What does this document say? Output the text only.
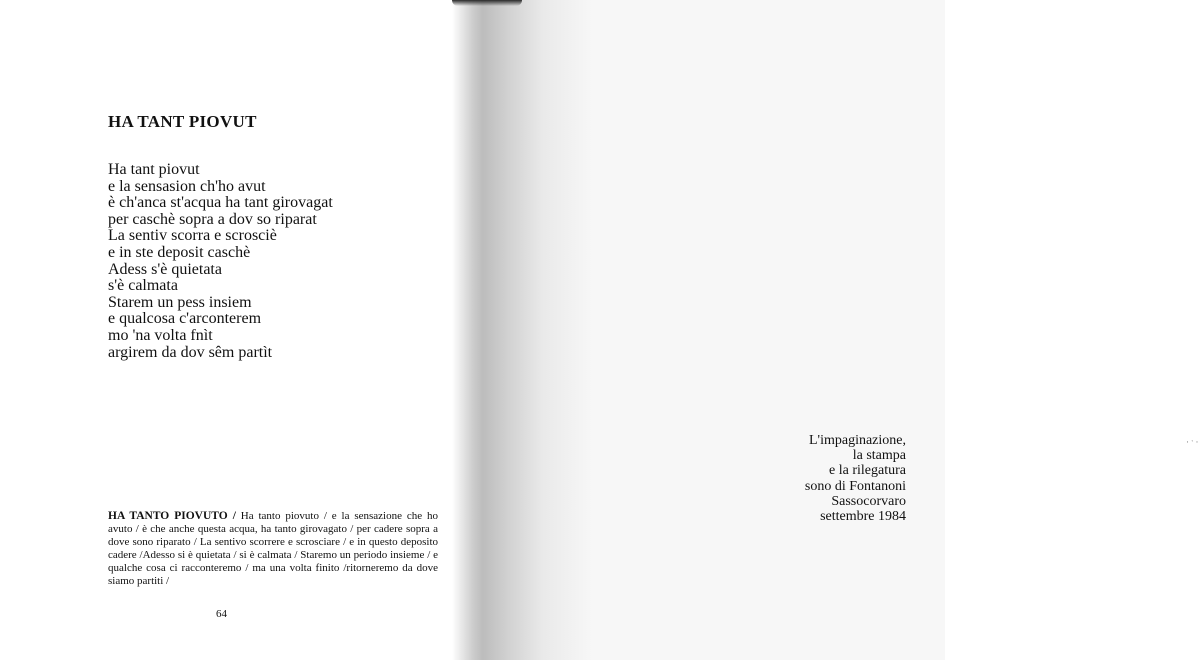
HA TANT PIOVUT
Ha tant piovut
e la sensasion ch'ho avut
è ch'anca st'acqua ha tant girovagat
per caschè sopra a dov so riparat
La sentiv scorra e scrosciè
e in ste deposit caschè
Adess s'è quietata
s'è calmata
Starem un pess insiem
e qualcosa c'arconterem
mo 'na volta fnìt
argirem da dov sêm partìt
HA TANTO PIOVUTO / Ha tanto piovuto / e la sensazione che ho avuto / è che anche questa acqua, ha tanto girovagato / per cadere sopra a dove sono riparato / La sentivo scorrere e scrosciare / e in questo deposito cadere /Adesso si è quietata / si è calmata / Staremo un periodo insieme / e qualche cosa ci racconteremo / ma una volta finito /ritorneremo da dove siamo partiti /
64
·ˑ·
L'impaginazione,
la stampa
e la rilegatura
sono di Fontanoni
Sassocorvaro
settembre 1984
